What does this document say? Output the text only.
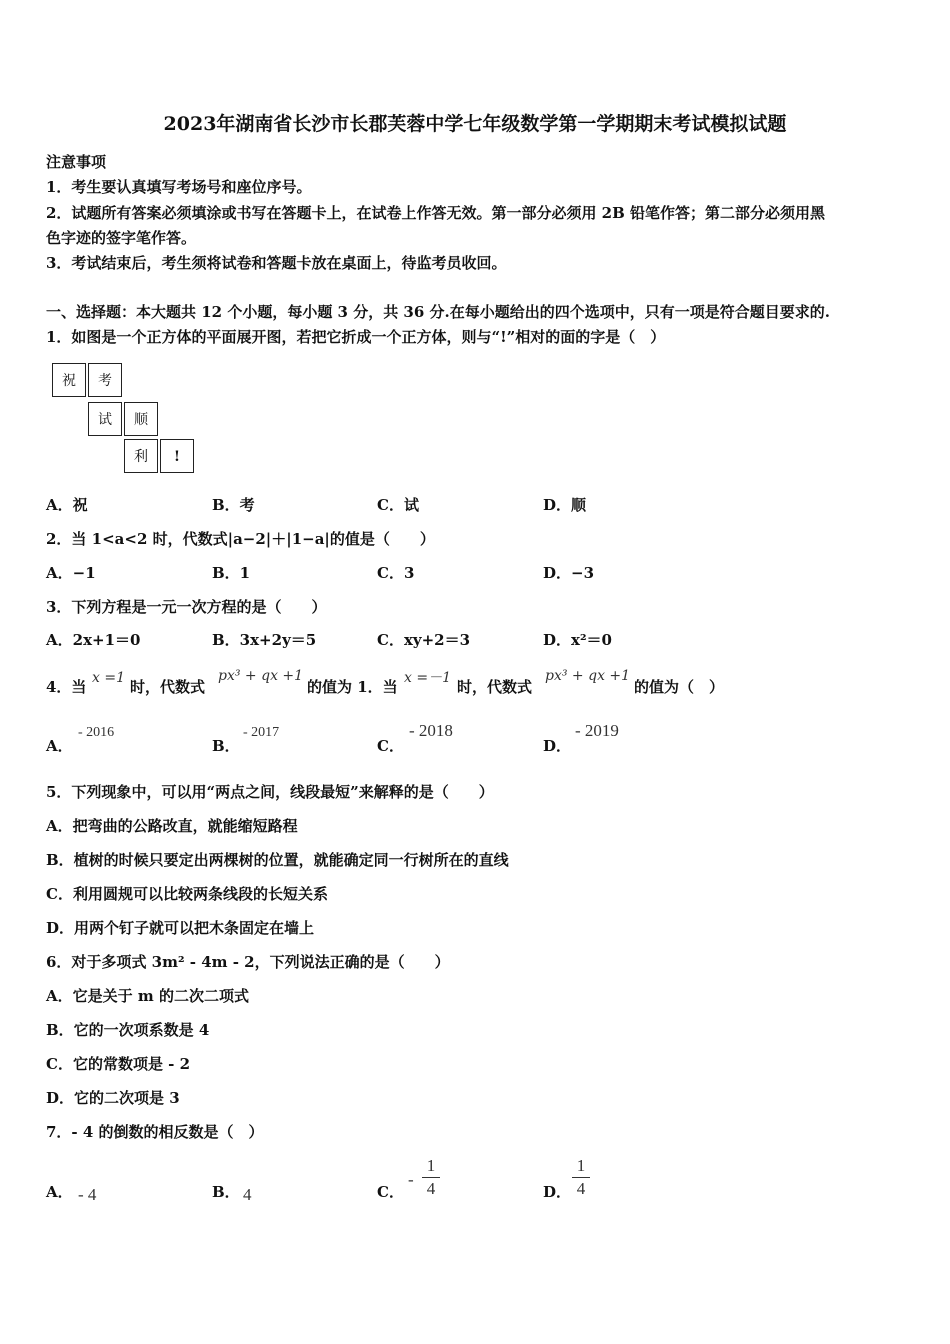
2023年湖南省长沙市长郡芙蓉中学七年级数学第一学期期末考试模拟试题
注意事项
1．考生要认真填写考场号和座位序号。
2．试题所有答案必须填涂或书写在答题卡上，在试卷上作答无效。第一部分必须用 2B 铅笔作答；第二部分必须用黑
色字迹的签字笔作答。
3．考试结束后，考生须将试卷和答题卡放在桌面上，待监考员收回。
一、选择题：本大题共 12 个小题，每小题 3 分，共 36 分.在每小题给出的四个选项中，只有一项是符合题目要求的.
1．如图是一个正方体的平面展开图，若把它折成一个正方体，则与“!”相对的面的字是（　）
祝	考
试	顺
利	!
A．祝	B．考	C．试	D．顺
2．当 1<a<2 时，代数式|a−2|＋|1−a|的值是（　　）
A．−1	B．1	C．3	D．−3
3．下列方程是一元一次方程的是（　　）
A．2x+1＝0	B．3x+2y＝5	C．xy+2＝3	D．x²＝0
4．当 x =1 时，代数式
px³ + qx +1
的值为 1．当 x =－1 时，代数式
px³ + qx +1
的值为（　）
A．
- 2016
B．
- 2017
C．
- 2018
D．
- 2019
5．下列现象中，可以用“两点之间，线段最短”来解释的是（　　）
A．把弯曲的公路改直，就能缩短路程
B．植树的时候只要定出两棵树的位置，就能确定同一行树所在的直线
C．利用圆规可以比较两条线段的长短关系
D．用两个钉子就可以把木条固定在墙上
6．对于多项式 3m² - 4m - 2，下列说法正确的是（　　）
A．它是关于 m 的二次二项式
B．它的一次项系数是 4
C．它的常数项是 - 2
D．它的二次项是 3
7．- 4 的倒数的相反数是（　）
A． - 4	B． 4	C．
-
1
4	D．
1
4
